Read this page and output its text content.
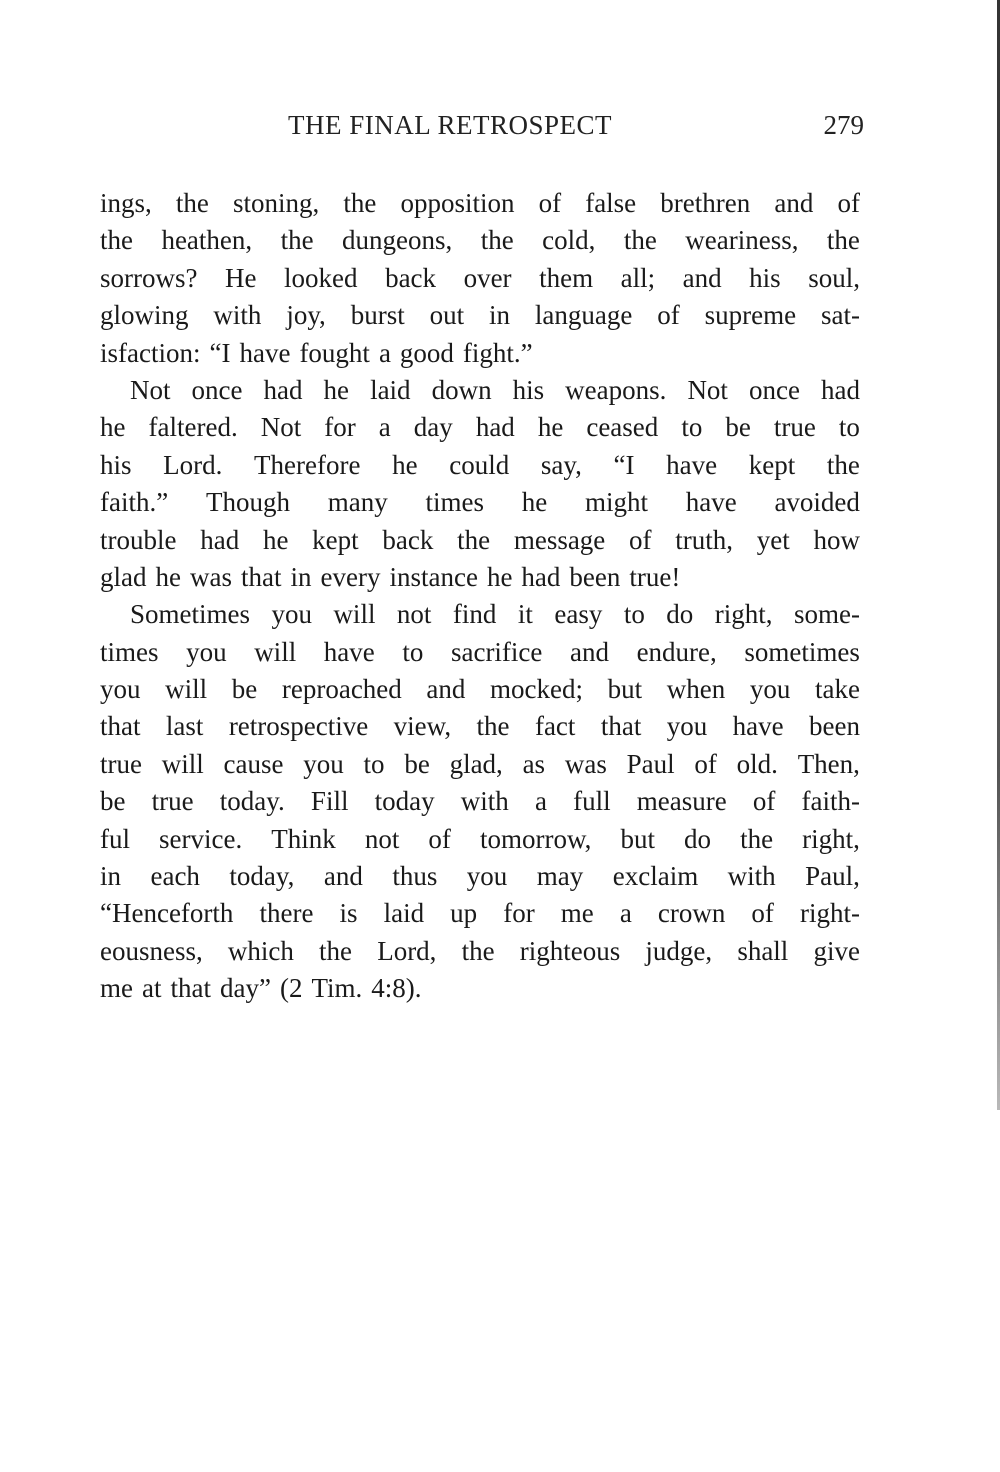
THE FINAL RETROSPECT	279
ings, the stoning, the opposition of false brethren and of
the heathen, the dungeons, the cold, the weariness, the
sorrows? He looked back over them all; and his soul,
glowing with joy, burst out in language of supreme sat-
isfaction: “I have fought a good fight.”
Not once had he laid down his weapons. Not once had
he faltered. Not for a day had he ceased to be true to
his Lord. Therefore he could say, “I have kept the
faith.” Though many times he might have avoided
trouble had he kept back the message of truth, yet how
glad he was that in every instance he had been true!
Sometimes you will not find it easy to do right, some-
times you will have to sacrifice and endure, sometimes
you will be reproached and mocked; but when you take
that last retrospective view, the fact that you have been
true will cause you to be glad, as was Paul of old. Then,
be true today. Fill today with a full measure of faith-
ful service. Think not of tomorrow, but do the right,
in each today, and thus you may exclaim with Paul,
“Henceforth there is laid up for me a crown of right-
eousness, which the Lord, the righteous judge, shall give
me at that day” (2 Tim. 4:8).
